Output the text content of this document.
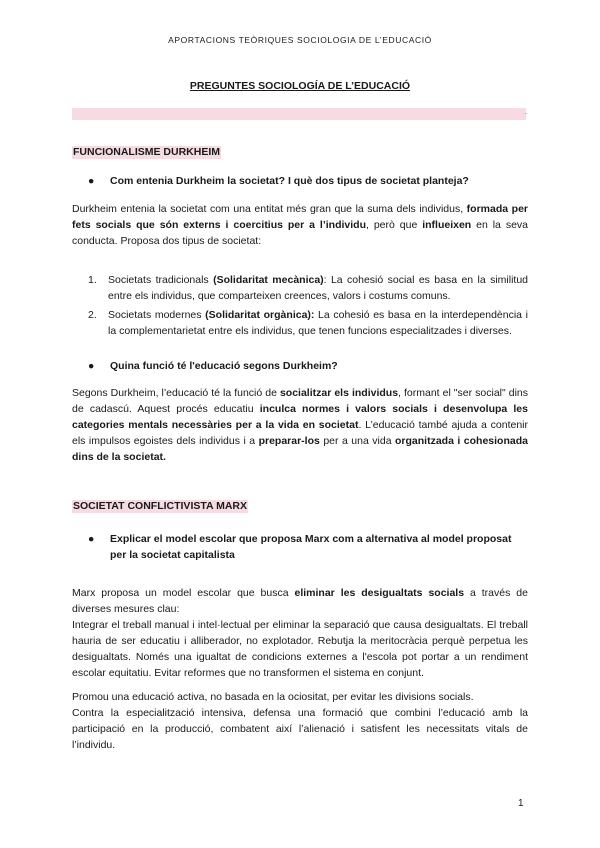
APORTACIONS TEÒRIQUES SOCIOLOGIA DE L’EDUCACIÓ
PREGUNTES SOCIOLOGÍA DE L’EDUCACIÓ
.
FUNCIONALISME DURKHEIM
●	Com entenia Durkheim la societat? I què dos tipus de societat planteja?
Durkheim entenia la societat com una entitat més gran que la suma dels individus, formada per fets socials que són externs i coercitius per a l’individu, però que influeixen en la seva conducta. Proposa dos tipus de societat:
1.	Societats tradicionals (Solidaritat mecànica): La cohesió social es basa en la similitud entre els individus, que comparteixen creences, valors i costums comuns.
2.	Societats modernes (Solidaritat orgànica): La cohesió es basa en la interdependència i la complementarietat entre els individus, que tenen funcions especialitzades i diverses.
●	Quina funció té l'educació segons Durkheim?
Segons Durkheim, l’educació té la funció de socialitzar els individus, formant el "ser social" dins de cadascú. Aquest procés educatiu inculca normes i valors socials i desenvolupa les categories mentals necessàries per a la vida en societat. L’educació també ajuda a contenir els impulsos egoistes dels individus i a preparar-los per a una vida organitzada i cohesionada dins de la societat.
SOCIETAT CONFLICTIVISTA MARX
●	Explicar el model escolar que proposa Marx com a alternativa al model proposat per la societat capitalista
Marx proposa un model escolar que busca eliminar les desigualtats socials a través de diverses mesures clau:
Integrar el treball manual i intel·lectual per eliminar la separació que causa desigualtats. El treball hauria de ser educatiu i alliberador, no explotador. Rebutja la meritocràcia perquè perpetua les desigualtats. Només una igualtat de condicions externes a l'escola pot portar a un rendiment escolar equitatiu. Evitar reformes que no transformen el sistema en conjunt.
Promou una educació activa, no basada en la ociositat, per evitar les divisions socials.
Contra la especialització intensiva, defensa una formació que combini l’educació amb la participació en la producció, combatent així l’alienació i satisfent les necessitats vitals de l’individu.
1
